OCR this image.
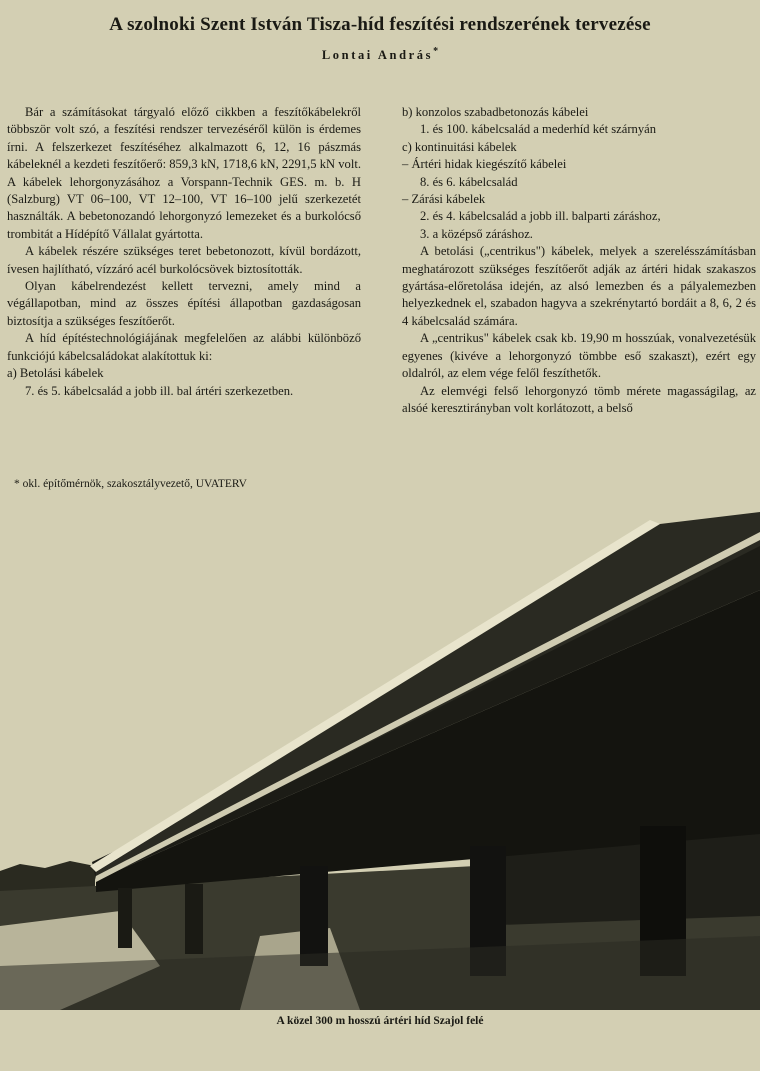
A szolnoki Szent István Tisza-híd feszítési rendszerének tervezése
Lontai András*

Bár a számításokat tárgyaló előző cikkben a feszítőkábelekről többször volt szó, a feszítési rendszer tervezéséről külön is érdemes írni. A felszerkezet feszítéséhez alkalmazott 6, 12, 16 pászmás kábeleknél a kezdeti feszítőerő: 859,3 kN, 1718,6 kN, 2291,5 kN volt. A kábelek lehorgonyzásához a Vorspann-Technik GES. m. b. H (Salzburg) VT 06–100, VT 12–100, VT 16–100 jelű szerkezetét használták. A bebetonozandó lehorgonyzó lemezeket és a burkolócső trombitát a Hídépítő Vállalat gyártotta.

A kábelek részére szükséges teret bebetonozott, kívül bordázott, ívesen hajlítható, vízzáró acél burkolócsövek biztosították.

Olyan kábelrendezést kellett tervezni, amely mind a végállapotban, mind az összes építési állapotban gazdaságosan biztosítja a szükséges feszítőerőt.

A híd építéstechnológiájának megfelelően az alábbi különböző funkciójú kábelcsaládokat alakítottuk ki:

a) Betolási kábelek
7. és 5. kábelcsalád a jobb ill. bal ártéri szerkezetben.
b) konzolos szabadbetonozás kábelei
1. és 100. kábelcsalád a mederhíd két szárnyán
c) kontinuitási kábelek
– Ártéri hidak kiegészítő kábelei
8. és 6. kábelcsalád
– Zárási kábelek
2. és 4. kábelcsalád a jobb ill. balparti záráshoz,
3. a középső záráshoz.

A betolási („centrikus") kábelek, melyek a szerelésszámításban meghatározott szükséges feszítőerőt adják az ártéri hidak szakaszos gyártása-előretolása idején, az alsó lemezben és a pályalemezben helyezkednek el, szabadon hagyva a szekrénytartó bordáit a 8, 6, 2 és 4 kábelcsalád számára.

A „centrikus" kábelek csak kb. 19,90 m hosszúak, vonalvezetésük egyenes (kivéve a lehorgonyzó tömbbe eső szakaszt), ezért egy oldalról, az elem vége felől feszíthetők.

Az elemvégi felső lehorgonyzó tömb mérete magasságilag, az alsóé keresztirányban volt korlátozott, a belső

* okl. építőmérnök, szakosztályvezető, UVATERV
A közel 300 m hosszú ártéri híd Szajol felé
